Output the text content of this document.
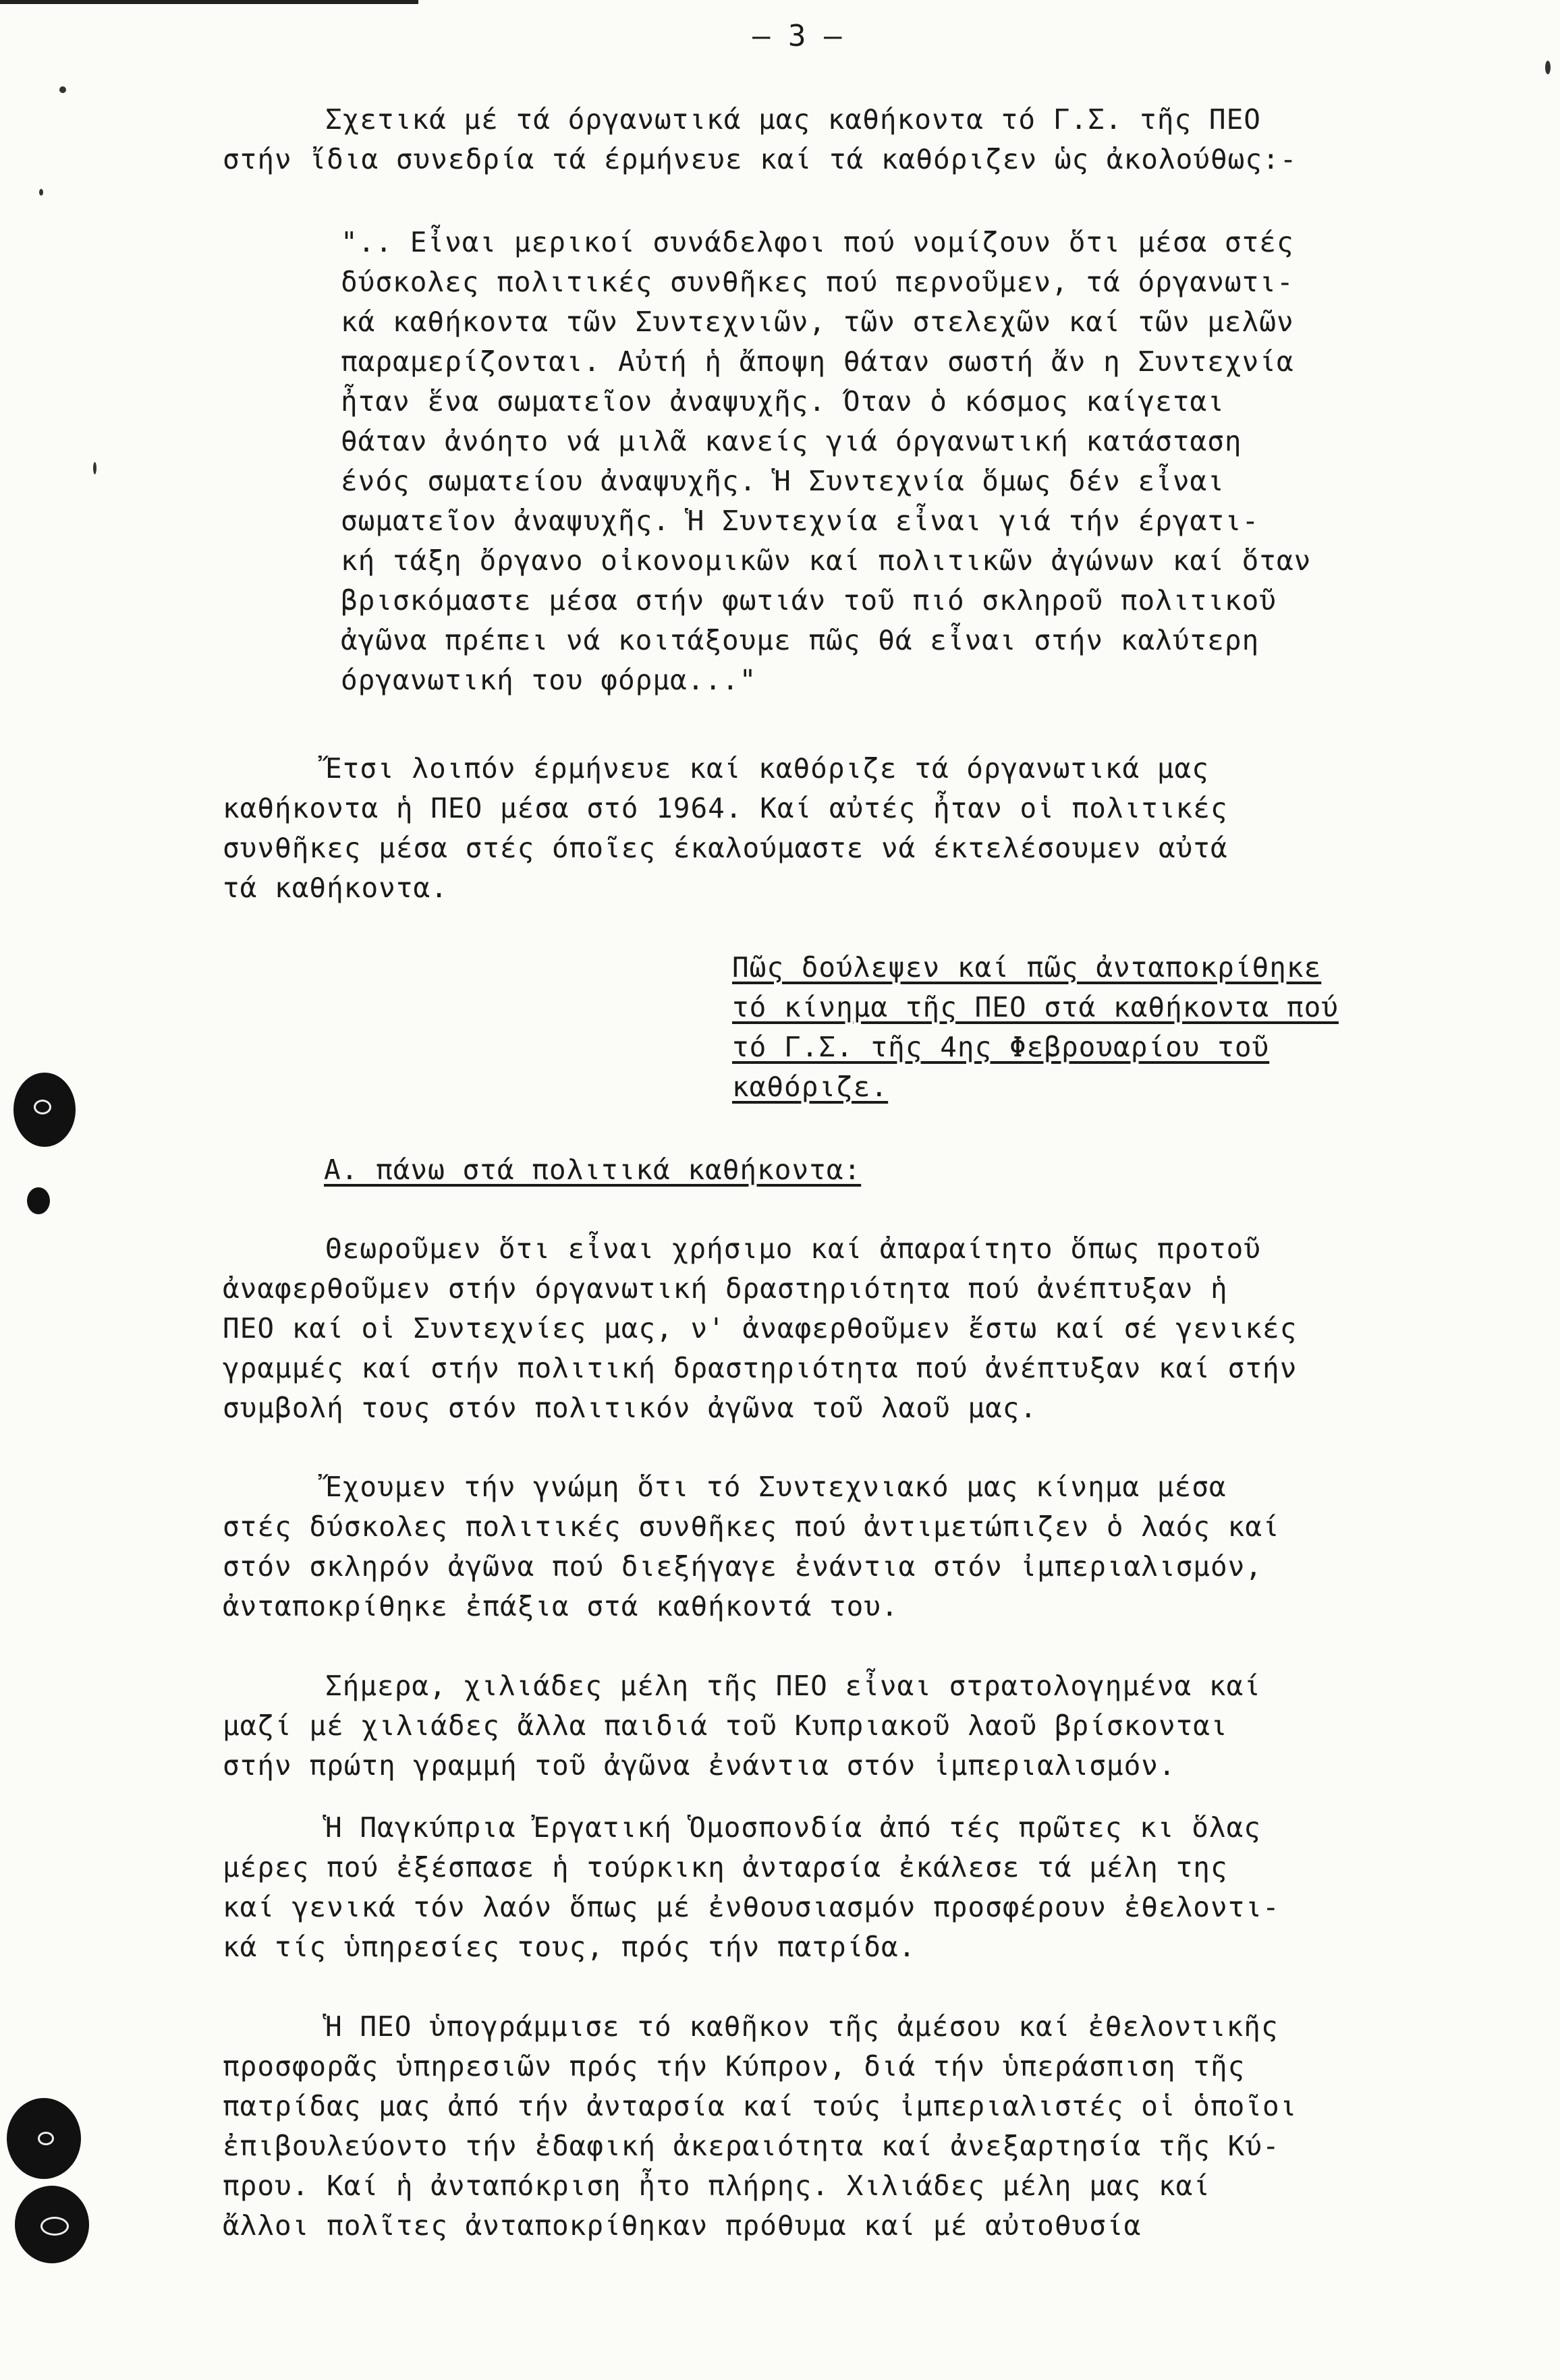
— 3 —
Σχετικά μέ τά όργανωτικά μας καθήκοντα τό Γ.Σ. τῆς ΠΕΟ
στήν ἴδια συνεδρία τά έρμήνευε καί τά καθόριζεν ὡς ἀκολούθως:-
".. Εἶναι μερικοί συνάδελφοι πού νομίζουν ὅτι μέσα στές
δύσκολες πολιτικές συνθῆκες πού περνοῦμεν, τά όργανωτι-
κά καθήκοντα τῶν Συντεχνιῶν, τῶν στελεχῶν καί τῶν μελῶν
παραμερίζονται. Αὐτή ἡ ἄποψη θάταν σωστή ἄν η Συντεχνία
ἦταν ἕνα σωματεῖον ἀναψυχῆς. Όταν ὁ κόσμος καίγεται
θάταν ἀνόητο νά μιλᾶ κανείς γιά όργανωτική κατάσταση
ένός σωματείου ἀναψυχῆς. Ἡ Συντεχνία ὅμως δέν εἶναι
σωματεῖον ἀναψυχῆς. Ἡ Συντεχνία εἶναι γιά τήν έργατι-
κή τάξη ὄργανο οἰκονομικῶν καί πολιτικῶν ἀγώνων καί ὅταν
βρισκόμαστε μέσα στήν φωτιάν τοῦ πιό σκληροῦ πολιτικοῦ
ἀγῶνα πρέπει νά κοιτάξουμε πῶς θά εἶναι στήν καλύτερη
όργανωτική του φόρμα..."
Ἔτσι λοιπόν έρμήνευε καί καθόριζε τά όργανωτικά μας
καθήκοντα ἡ ΠΕΟ μέσα στό 1964. Καί αὐτές ἦταν οἱ πολιτικές
συνθῆκες μέσα στές όποῖες έκαλούμαστε νά έκτελέσουμεν αὐτά
τά καθήκοντα.
Πῶς δούλεψεν καί πῶς ἀνταποκρίθηκε
τό κίνημα τῆς ΠΕΟ στά καθήκοντα πού
τό Γ.Σ. τῆς 4ης Φεβρουαρίου τοῦ
καθόριζε.
Α. πάνω στά πολιτικά καθήκοντα:
Θεωροῦμεν ὅτι εἶναι χρήσιμο καί ἀπαραίτητο ὅπως προτοῦ
ἀναφερθοῦμεν στήν όργανωτική δραστηριότητα πού ἀνέπτυξαν ἡ
ΠΕΟ καί οἱ Συντεχνίες μας, ν' ἀναφερθοῦμεν ἔστω καί σέ γενικές
γραμμές καί στήν πολιτική δραστηριότητα πού ἀνέπτυξαν καί στήν
συμβολή τους στόν πολιτικόν ἀγῶνα τοῦ λαοῦ μας.
Ἔχουμεν τήν γνώμη ὅτι τό Συντεχνιακό μας κίνημα μέσα
στές δύσκολες πολιτικές συνθῆκες πού ἀντιμετώπιζεν ὁ λαός καί
στόν σκληρόν ἀγῶνα πού διεξήγαγε ἐνάντια στόν ἰμπεριαλισμόν,
ἀνταποκρίθηκε ἐπάξια στά καθήκοντά του.
Σήμερα, χιλιάδες μέλη τῆς ΠΕΟ εἶναι στρατολογημένα καί
μαζί μέ χιλιάδες ἄλλα παιδιά τοῦ Κυπριακοῦ λαοῦ βρίσκονται
στήν πρώτη γραμμή τοῦ ἀγῶνα ἐνάντια στόν ἰμπεριαλισμόν.
Ἡ Παγκύπρια Ἐργατική Ὁμοσπονδία ἀπό τές πρῶτες κι ὅλας
μέρες πού ἐξέσπασε ἡ τούρκικη ἀνταρσία ἐκάλεσε τά μέλη της
καί γενικά τόν λαόν ὅπως μέ ἐνθουσιασμόν προσφέρουν ἐθελοντι-
κά τίς ὑπηρεσίες τους, πρός τήν πατρίδα.
Ἡ ΠΕΟ ὑπογράμμισε τό καθῆκον τῆς ἀμέσου καί ἐθελοντικῆς
προσφορᾶς ὑπηρεσιῶν πρός τήν Κύπρον, διά τήν ὑπεράσπιση τῆς
πατρίδας μας ἀπό τήν ἀνταρσία καί τούς ἰμπεριαλιστές οἱ ὁποῖοι
ἐπιβουλεύοντο τήν ἐδαφική ἀκεραιότητα καί ἀνεξαρτησία τῆς Κύ-
πρου. Καί ἡ ἀνταπόκριση ἦτο πλήρης. Χιλιάδες μέλη μας καί
ἄλλοι πολῖτες ἀνταποκρίθηκαν πρόθυμα καί μέ αὐτοθυσία
